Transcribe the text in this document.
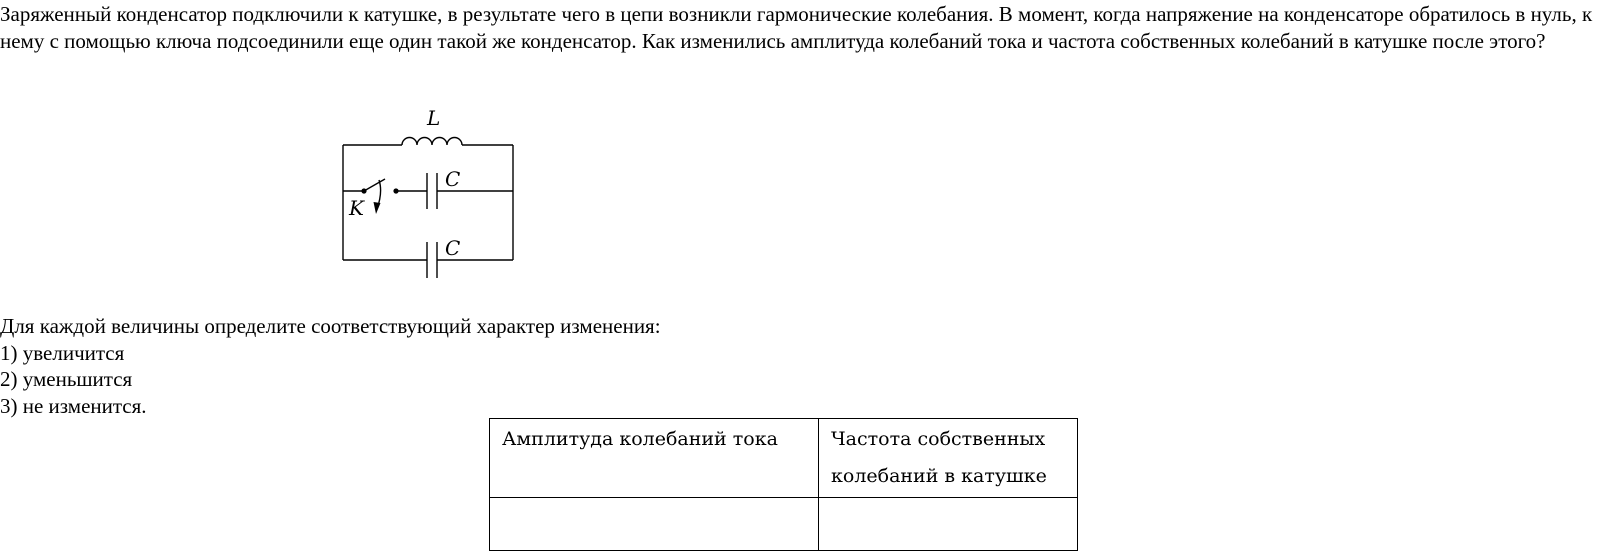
Заряженный конденсатор подключили к катушке, в результате чего в цепи возникли гармонические колебания. В момент, когда напряжение на конденсаторе обратилось в нуль, к нему с помощью ключа подсоединили еще один такой же конденсатор. Как изменились амплитуда колебаний тока и частота собственных колебаний в катушке после этого?

L
C
C
K
Для каждой величины определите соответствующий характер изменения:
1) увеличится
2) уменьшится
3) не изменится.
Амплитуда колебаний тока	Частота собственных колебаний в катушке
